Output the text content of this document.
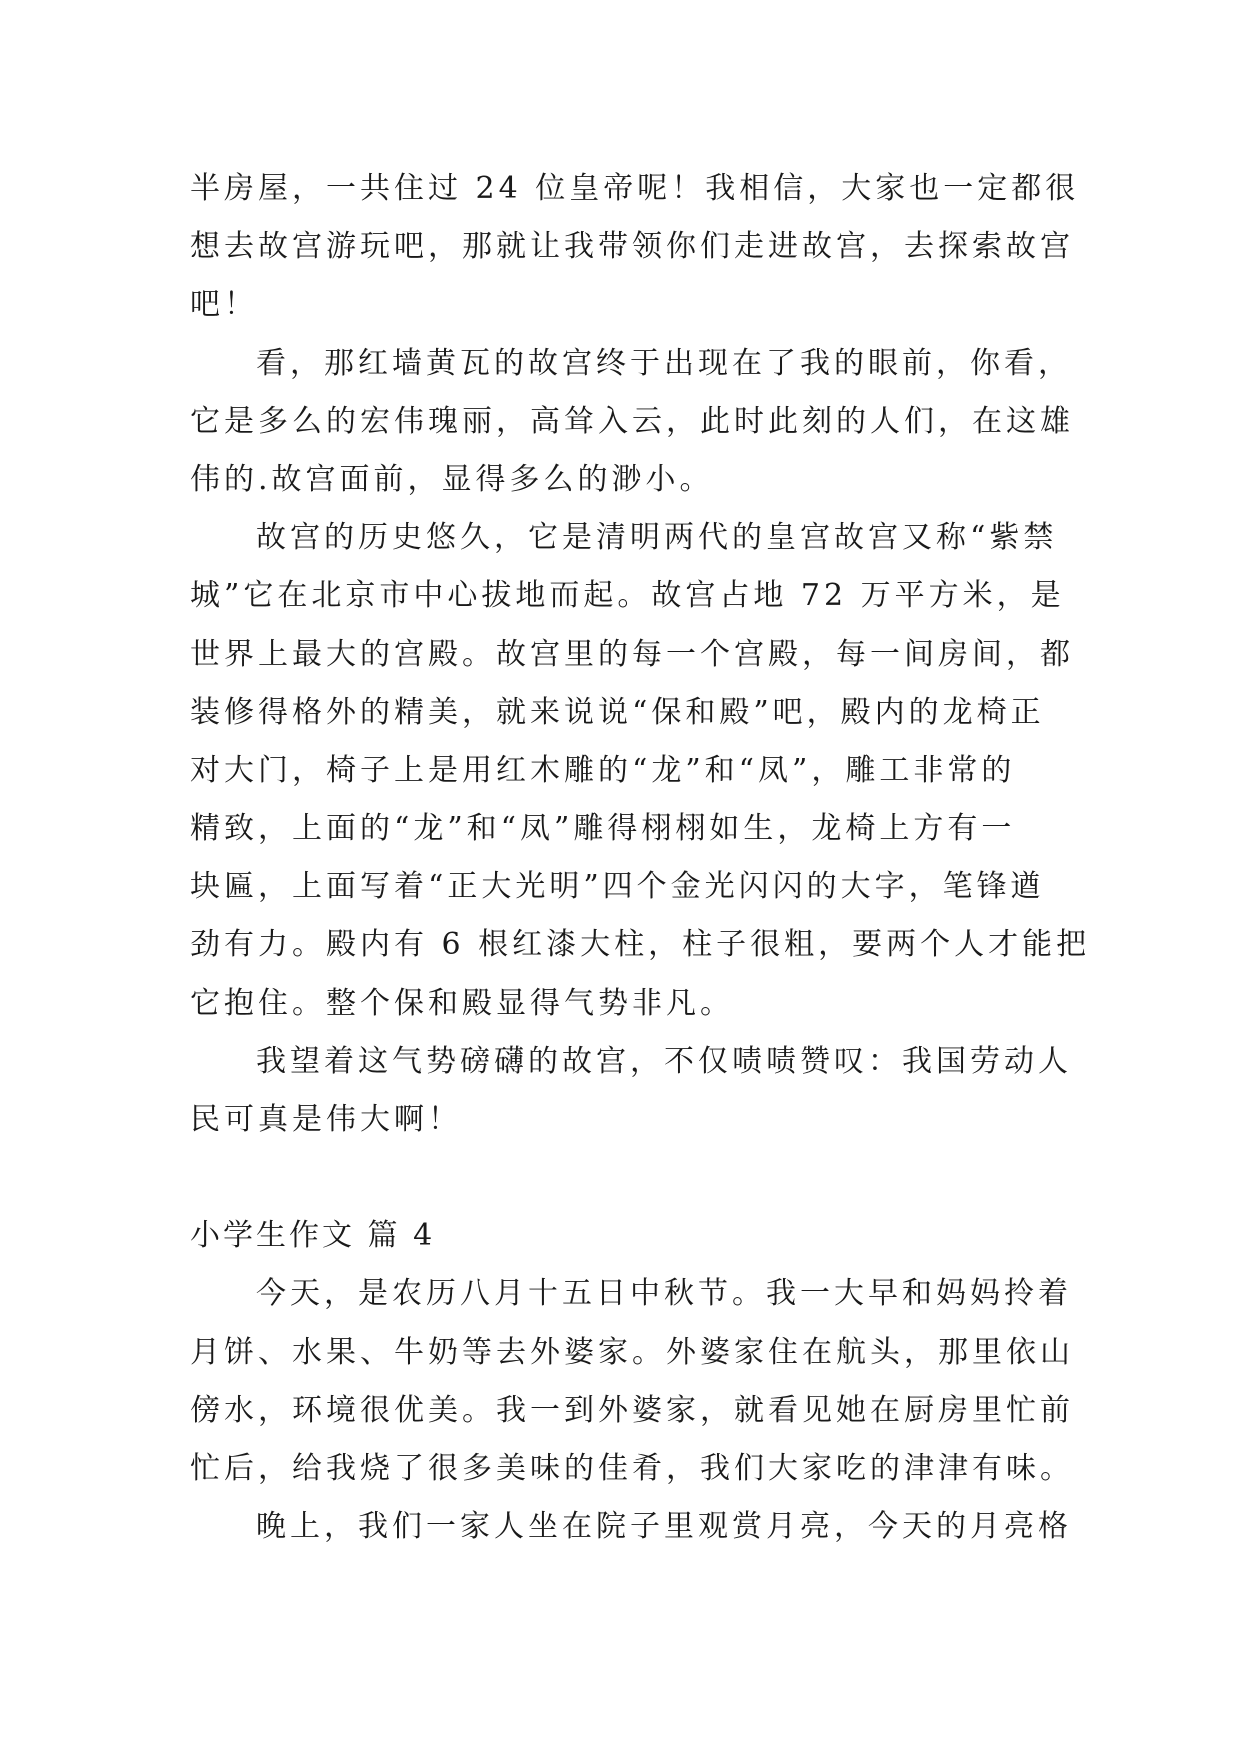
半房屋，一共住过 24 位皇帝呢！我相信，大家也一定都很
想去故宫游玩吧，那就让我带领你们走进故宫，去探索故宫
吧！
看，那红墙黄瓦的故宫终于出现在了我的眼前，你看，
它是多么的宏伟瑰丽，高耸入云，此时此刻的人们，在这雄
伟的.故宫面前，显得多么的渺小。
故宫的历史悠久，它是清明两代的皇宫故宫又称“紫禁
城”它在北京市中心拔地而起。故宫占地 72 万平方米，是
世界上最大的宫殿。故宫里的每一个宫殿，每一间房间，都
装修得格外的精美，就来说说“保和殿”吧，殿内的龙椅正
对大门，椅子上是用红木雕的“龙”和“凤”，雕工非常的
精致，上面的“龙”和“凤”雕得栩栩如生，龙椅上方有一
块匾，上面写着“正大光明”四个金光闪闪的大字，笔锋遒
劲有力。殿内有 6 根红漆大柱，柱子很粗，要两个人才能把
它抱住。整个保和殿显得气势非凡。
我望着这气势磅礴的故宫，不仅啧啧赞叹：我国劳动人
民可真是伟大啊！
小学生作文 篇 4
今天，是农历八月十五日中秋节。我一大早和妈妈拎着
月饼、水果、牛奶等去外婆家。外婆家住在航头，那里依山
傍水，环境很优美。我一到外婆家，就看见她在厨房里忙前
忙后，给我烧了很多美味的佳肴，我们大家吃的津津有味。
晚上，我们一家人坐在院子里观赏月亮，今天的月亮格
